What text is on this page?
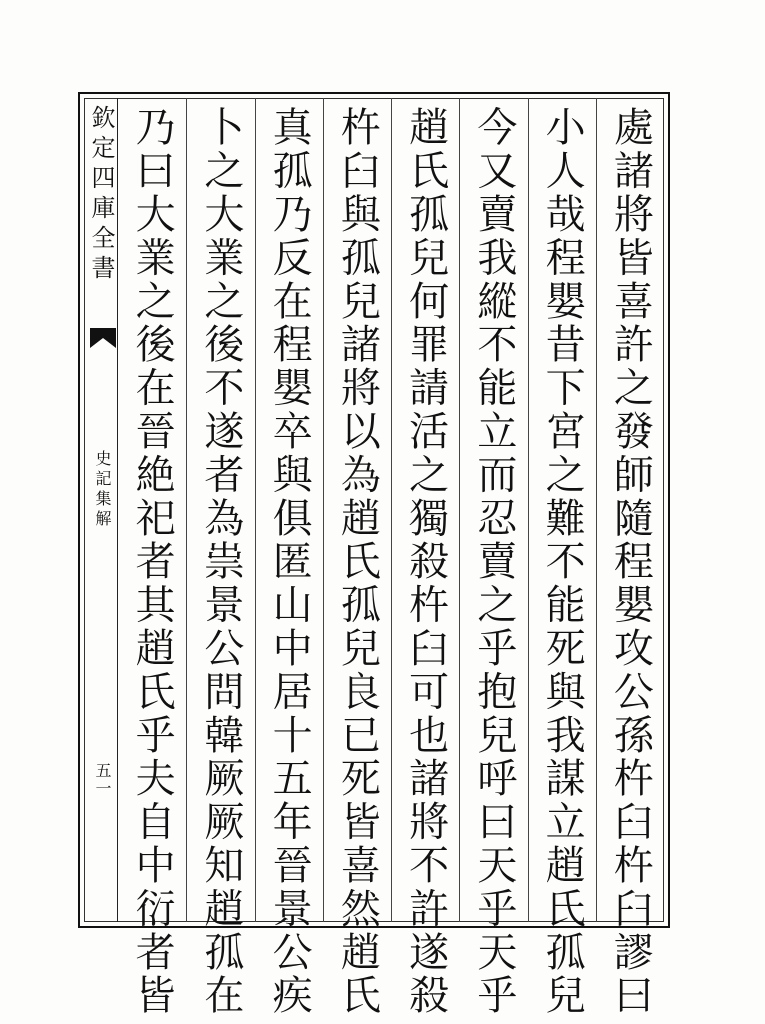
欽定四庫全書
史記集解
五一	處諸將皆喜許之發師隨程嬰攻公孫杵臼杵臼謬曰
小人哉程嬰昔下宮之難不能死與我謀立趙氏孤兒
今又賣我縱不能立而忍賣之乎抱兒呼曰天乎天乎
趙氏孤兒何罪請活之獨殺杵臼可也諸將不許遂殺
杵臼與孤兒諸將以為趙氏孤兒良已死皆喜然趙氏
真孤乃反在程嬰卒與俱匿山中居十五年晉景公疾
卜之大業之後不遂者為祟景公問韓厥厥知趙孤在
乃曰大業之後在晉絶祀者其趙氏乎夫自中衍者皆
